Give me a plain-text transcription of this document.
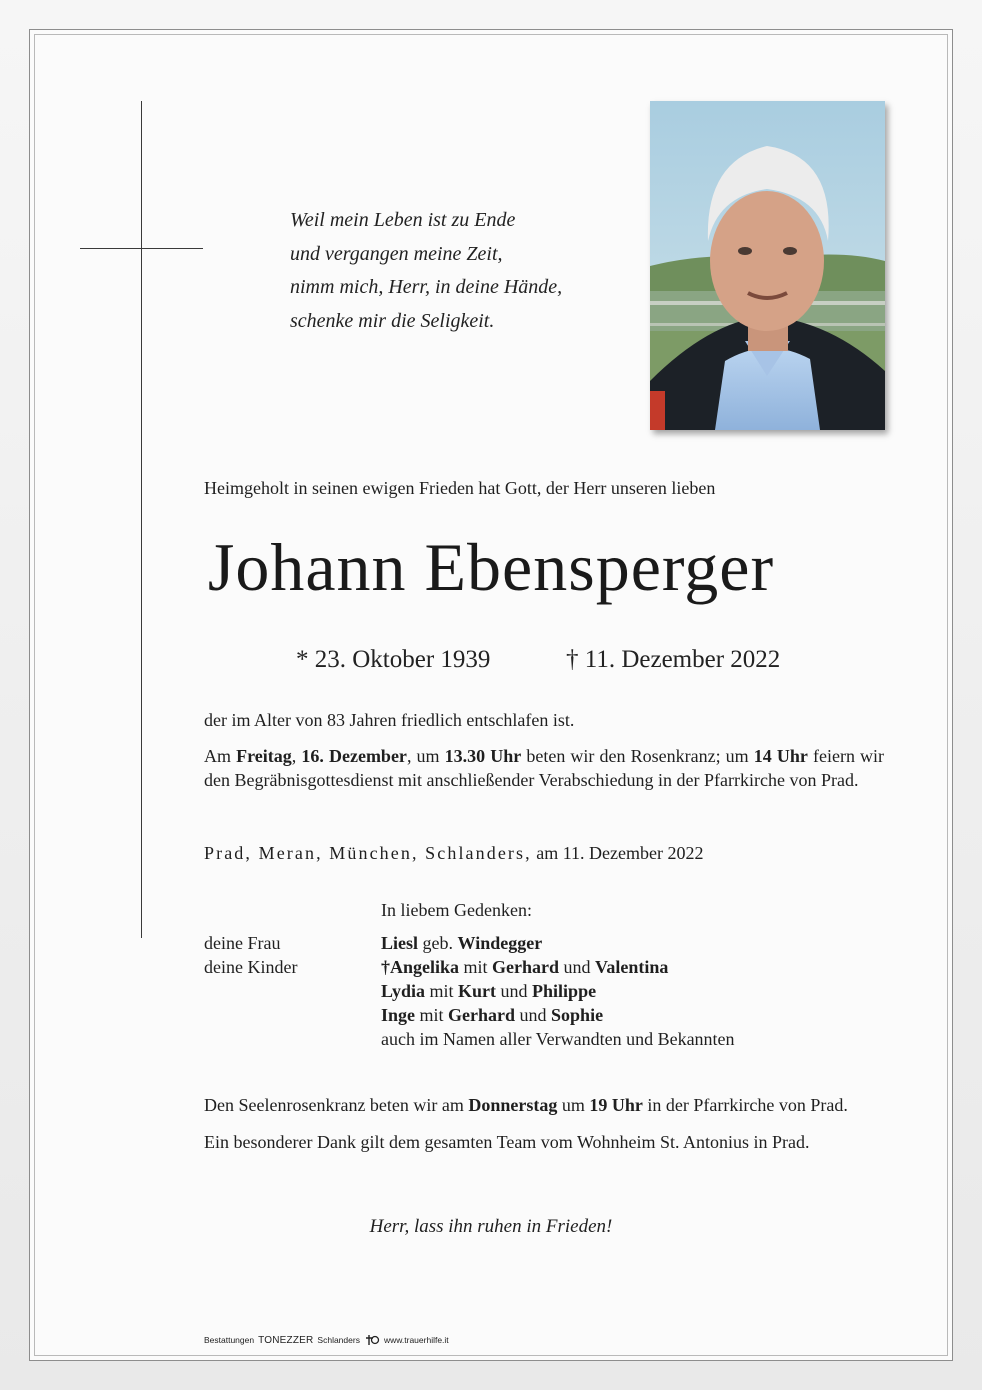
Weil mein Leben ist zu Ende
und vergangen meine Zeit,
nimm mich, Herr, in deine Hände,
schenke mir die Seligkeit.
Heimgeholt in seinen ewigen Frieden hat Gott, der Herr unseren lieben
Johann Ebensperger
* 23. Oktober 1939	† 11. Dezember 2022
der im Alter von 83 Jahren friedlich entschlafen ist.
Am Freitag, 16. Dezember, um 13.30 Uhr beten wir den Rosenkranz; um 14 Uhr feiern wir den Begräbnisgottesdienst mit anschließender Verabschiedung in der Pfarrkirche von Prad.
Prad, Meran, München, Schlanders, am 11. Dezember 2022
In liebem Gedenken:
deine Frau
deine Kinder
Liesl geb. Windegger
†Angelika mit Gerhard und Valentina
Lydia mit Kurt und Philippe
Inge mit Gerhard und Sophie
auch im Namen aller Verwandten und Bekannten
Den Seelenrosenkranz beten wir am Donnerstag um 19 Uhr in der Pfarrkirche von Prad.
Ein besonderer Dank gilt dem gesamten Team vom Wohnheim St. Antonius in Prad.
Herr, lass ihn ruhen in Frieden!
Bestattungen TONEZZER Schlanders	www.trauerhilfe.it
